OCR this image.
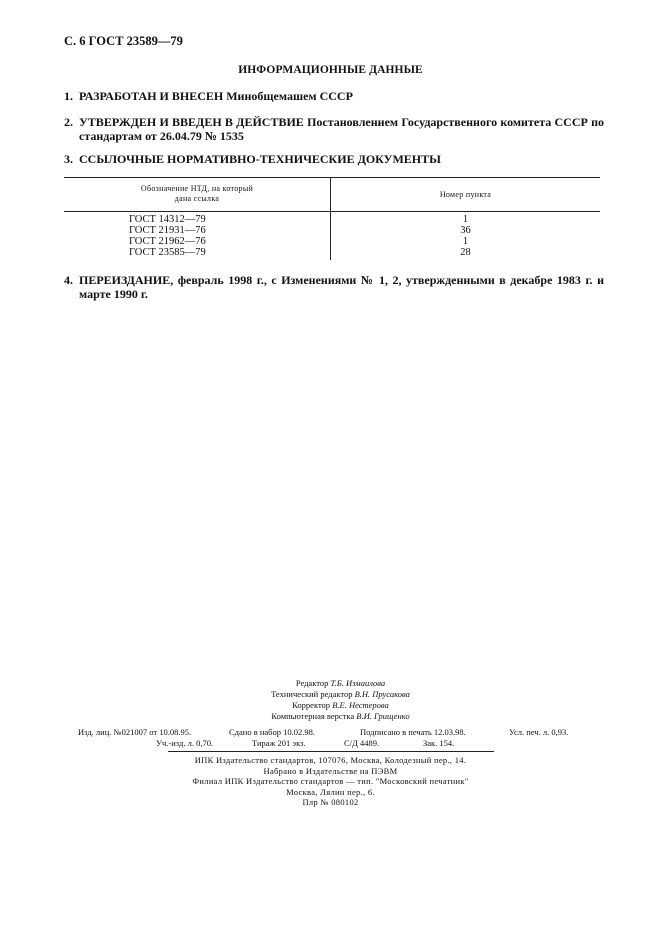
С. 6 ГОСТ 23589—79
ИНФОРМАЦИОННЫЕ ДАННЫЕ
1. РАЗРАБОТАН И ВНЕСЕН Минобщемашем СССР
2. УТВЕРЖДЕН И ВВЕДЕН В ДЕЙСТВИЕ Постановлением Государственного комитета СССР по стандартам от 26.04.79 № 1535
3. ССЫЛОЧНЫЕ НОРМАТИВНО-ТЕХНИЧЕСКИЕ ДОКУМЕНТЫ
Обозначение НТД, на который
дана ссылка	Номер пункта
ГОСТ 14312—79	1
ГОСТ 21931—76	36
ГОСТ 21962—76	1
ГОСТ 23585—79	28
4. ПЕРЕИЗДАНИЕ, февраль 1998 г., с Изменениями № 1, 2, утвержденными в декабре 1983 г. и марте 1990 г.
Редактор Т.Б. Измаилова
Технический редактор В.Н. Прусакова
Корректор В.Е. Нестерова
Компьютерная верстка В.И. Грищенко
Изд. лиц. №021007 от 10.08.95.	Сдано в набор 10.02.98.	Подписано в печать 12.03.98.	Усл. печ. л. 0,93.
Уч.-изд. л. 0,70.	Тираж 201 экз.	С/Д 4489.	Зак. 154.
ИПК Издательство стандартов, 107076, Москва, Колодезный пер., 14.
Набрано в Издательстве на ПЭВМ
Филиал ИПК Издательство стандартов — тип. "Московский печатник"
Москва, Лялин пер., 6.
Плр № 080102
